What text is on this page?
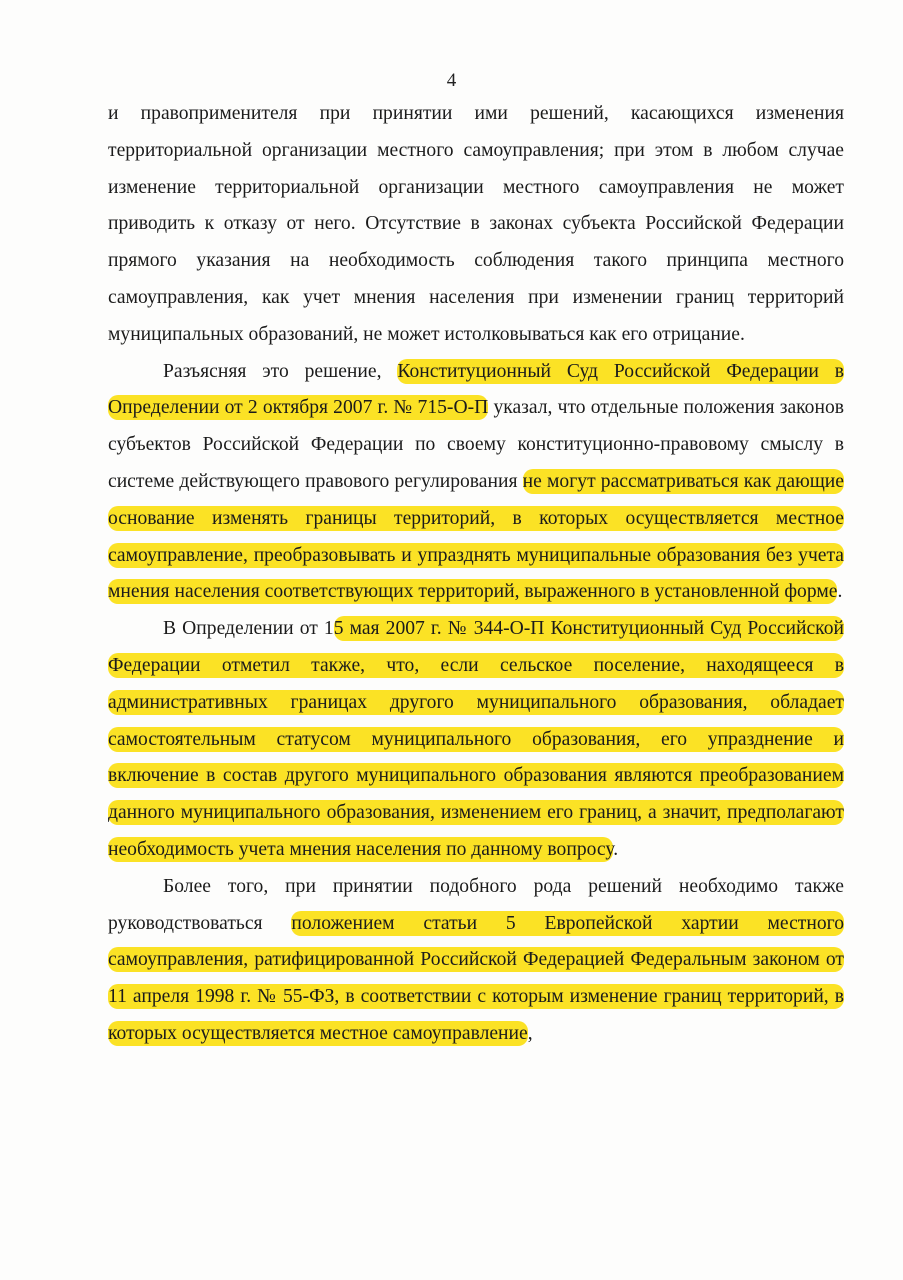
4

и правоприменителя при принятии ими решений, касающихся изменения территориальной организации местного самоуправления; при этом в любом случае изменение территориальной организации местного самоуправления не может приводить к отказу от него. Отсутствие в законах субъекта Российской Федерации прямого указания на необходимость соблюдения такого принципа местного самоуправления, как учет мнения населения при изменении границ территорий муниципальных образований, не может истолковываться как его отрицание.

Разъясняя это решение, Конституционный Суд Российской Федерации в Определении от 2 октября 2007 г. № 715-О-П указал, что отдельные положения законов субъектов Российской Федерации по своему конституционно-правовому смыслу в системе действующего правового регулирования не могут рассматриваться как дающие основание изменять границы территорий, в которых осуществляется местное самоуправление, преобразовывать и упразднять муниципальные образования без учета мнения населения соответствующих территорий, выраженного в установленной форме.

В Определении от 15 мая 2007 г. № 344-О-П Конституционный Суд Российской Федерации отметил также, что, если сельское поселение, находящееся в административных границах другого муниципального образования, обладает самостоятельным статусом муниципального образования, его упразднение и включение в состав другого муниципального образования являются преобразованием данного муниципального образования, изменением его границ, а значит, предполагают необходимость учета мнения населения по данному вопросу.

Более того, при принятии подобного рода решений необходимо также руководствоваться положением статьи 5 Европейской хартии местного самоуправления, ратифицированной Российской Федерацией Федеральным законом от 11 апреля 1998 г. № 55-ФЗ, в соответствии с которым изменение границ территорий, в которых осуществляется местное самоуправление,
